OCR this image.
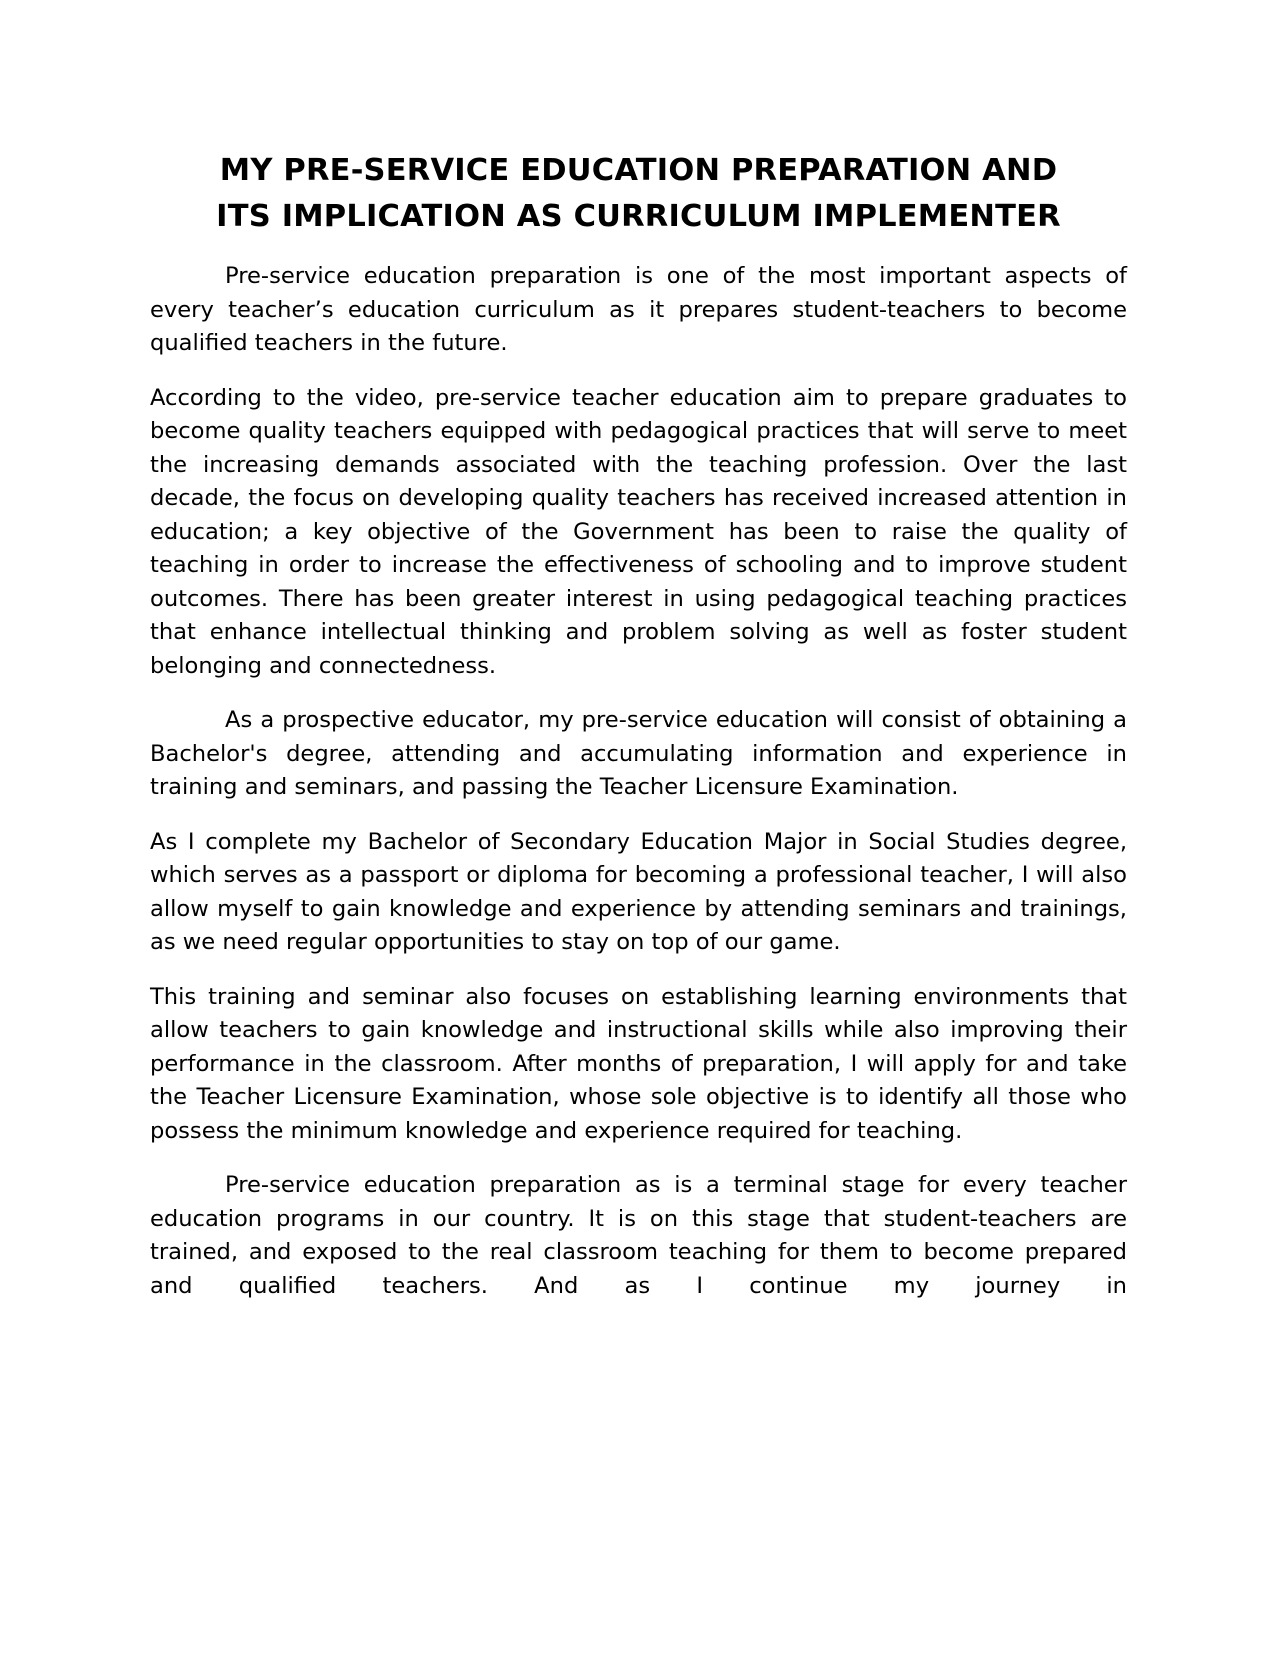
MY PRE-SERVICE EDUCATION PREPARATION AND
ITS IMPLICATION AS CURRICULUM IMPLEMENTER

Pre-service education preparation is one of the most important aspects of every teacher’s education curriculum as it prepares student-teachers to become qualified teachers in the future.

According to the video, pre-service teacher education aim to prepare graduates to become quality teachers equipped with pedagogical practices that will serve to meet the increasing demands associated with the teaching profession. Over the last decade, the focus on developing quality teachers has received increased attention in education; a key objective of the Government has been to raise the quality of teaching in order to increase the effectiveness of schooling and to improve student outcomes. There has been greater interest in using pedagogical teaching practices that enhance intellectual thinking and problem solving as well as foster student belonging and connectedness.

As a prospective educator, my pre-service education will consist of obtaining a Bachelor's degree, attending and accumulating information and experience in training and seminars, and passing the Teacher Licensure Examination.

As I complete my Bachelor of Secondary Education Major in Social Studies degree, which serves as a passport or diploma for becoming a professional teacher, I will also allow myself to gain knowledge and experience by attending seminars and trainings, as we need regular opportunities to stay on top of our game.

This training and seminar also focuses on establishing learning environments that allow teachers to gain knowledge and instructional skills while also improving their performance in the classroom. After months of preparation, I will apply for and take the Teacher Licensure Examination, whose sole objective is to identify all those who possess the minimum knowledge and experience required for teaching.

Pre-service education preparation as is a terminal stage for every teacher education programs in our country. It is on this stage that student-teachers are trained, and exposed to the real classroom teaching for them to become prepared and qualified teachers. And as I continue my journey in
